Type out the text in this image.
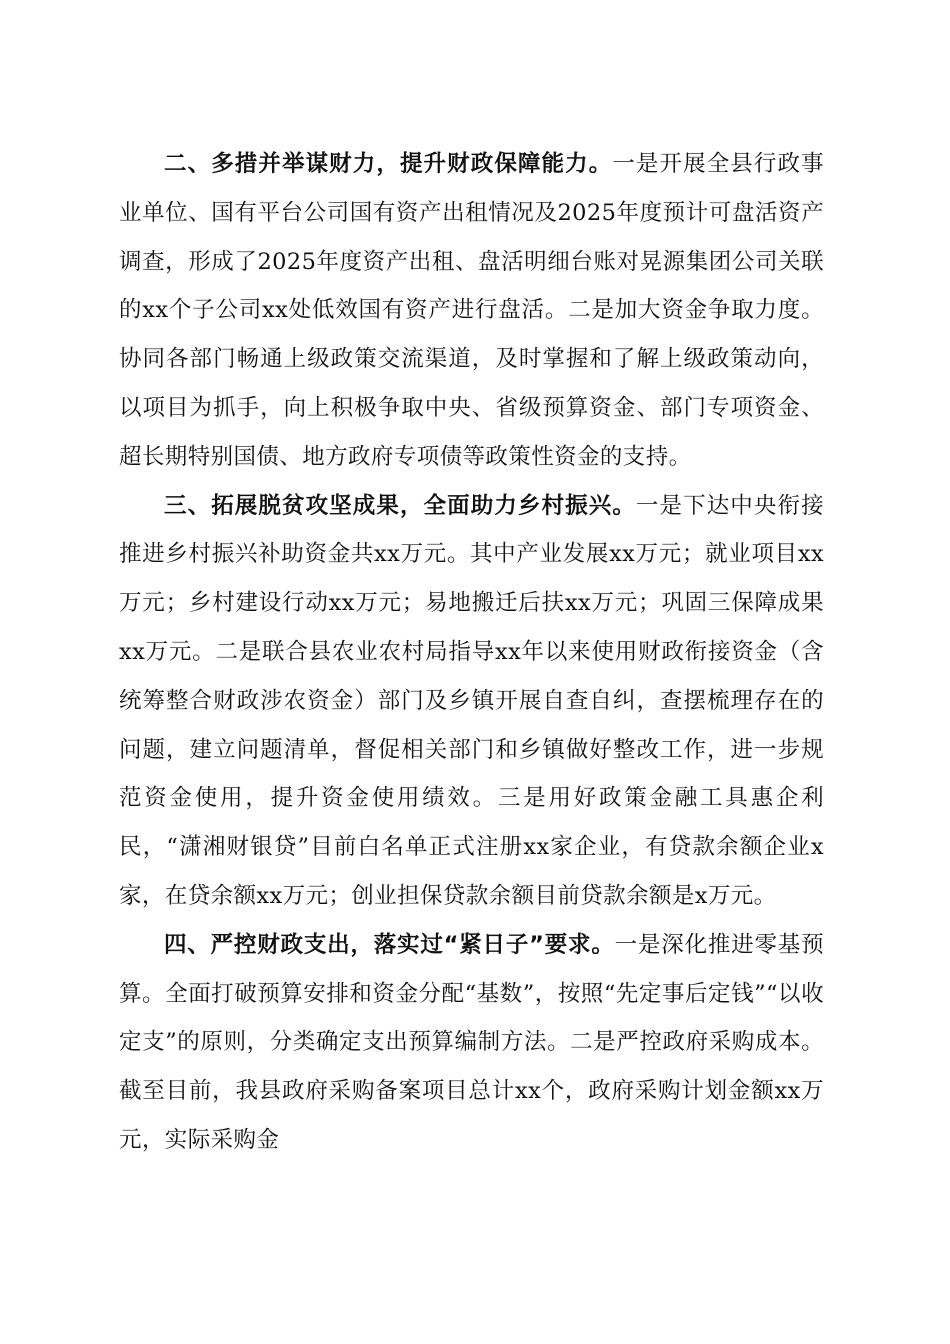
二、多措并举谋财力，提升财政保障能力。一是开展全县行政事业单位、国有平台公司国有资产出租情况及2025年度预计可盘活资产调查，形成了2025年度资产出租、盘活明细台账对晃源集团公司关联的xx个子公司xx处低效国有资产进行盘活。二是加大资金争取力度。协同各部门畅通上级政策交流渠道，及时掌握和了解上级政策动向，以项目为抓手，向上积极争取中央、省级预算资金、部门专项资金、超长期特别国债、地方政府专项债等政策性资金的支持。

三、拓展脱贫攻坚成果，全面助力乡村振兴。一是下达中央衔接推进乡村振兴补助资金共xx万元。其中产业发展xx万元；就业项目xx万元；乡村建设行动xx万元；易地搬迁后扶xx万元；巩固三保障成果xx万元。二是联合县农业农村局指导xx年以来使用财政衔接资金（含统筹整合财政涉农资金）部门及乡镇开展自查自纠，查摆梳理存在的问题，建立问题清单，督促相关部门和乡镇做好整改工作，进一步规范资金使用，提升资金使用绩效。三是用好政策金融工具惠企利民，“潇湘财银贷”目前白名单正式注册xx家企业，有贷款余额企业x家，在贷余额xx万元；创业担保贷款余额目前贷款余额是x万元。

四、严控财政支出，落实过“紧日子”要求。一是深化推进零基预算。全面打破预算安排和资金分配“基数”，按照“先定事后定钱”“以收定支”的原则，分类确定支出预算编制方法。二是严控政府采购成本。截至目前，我县政府采购备案项目总计xx个，政府采购计划金额xx万元，实际采购金
